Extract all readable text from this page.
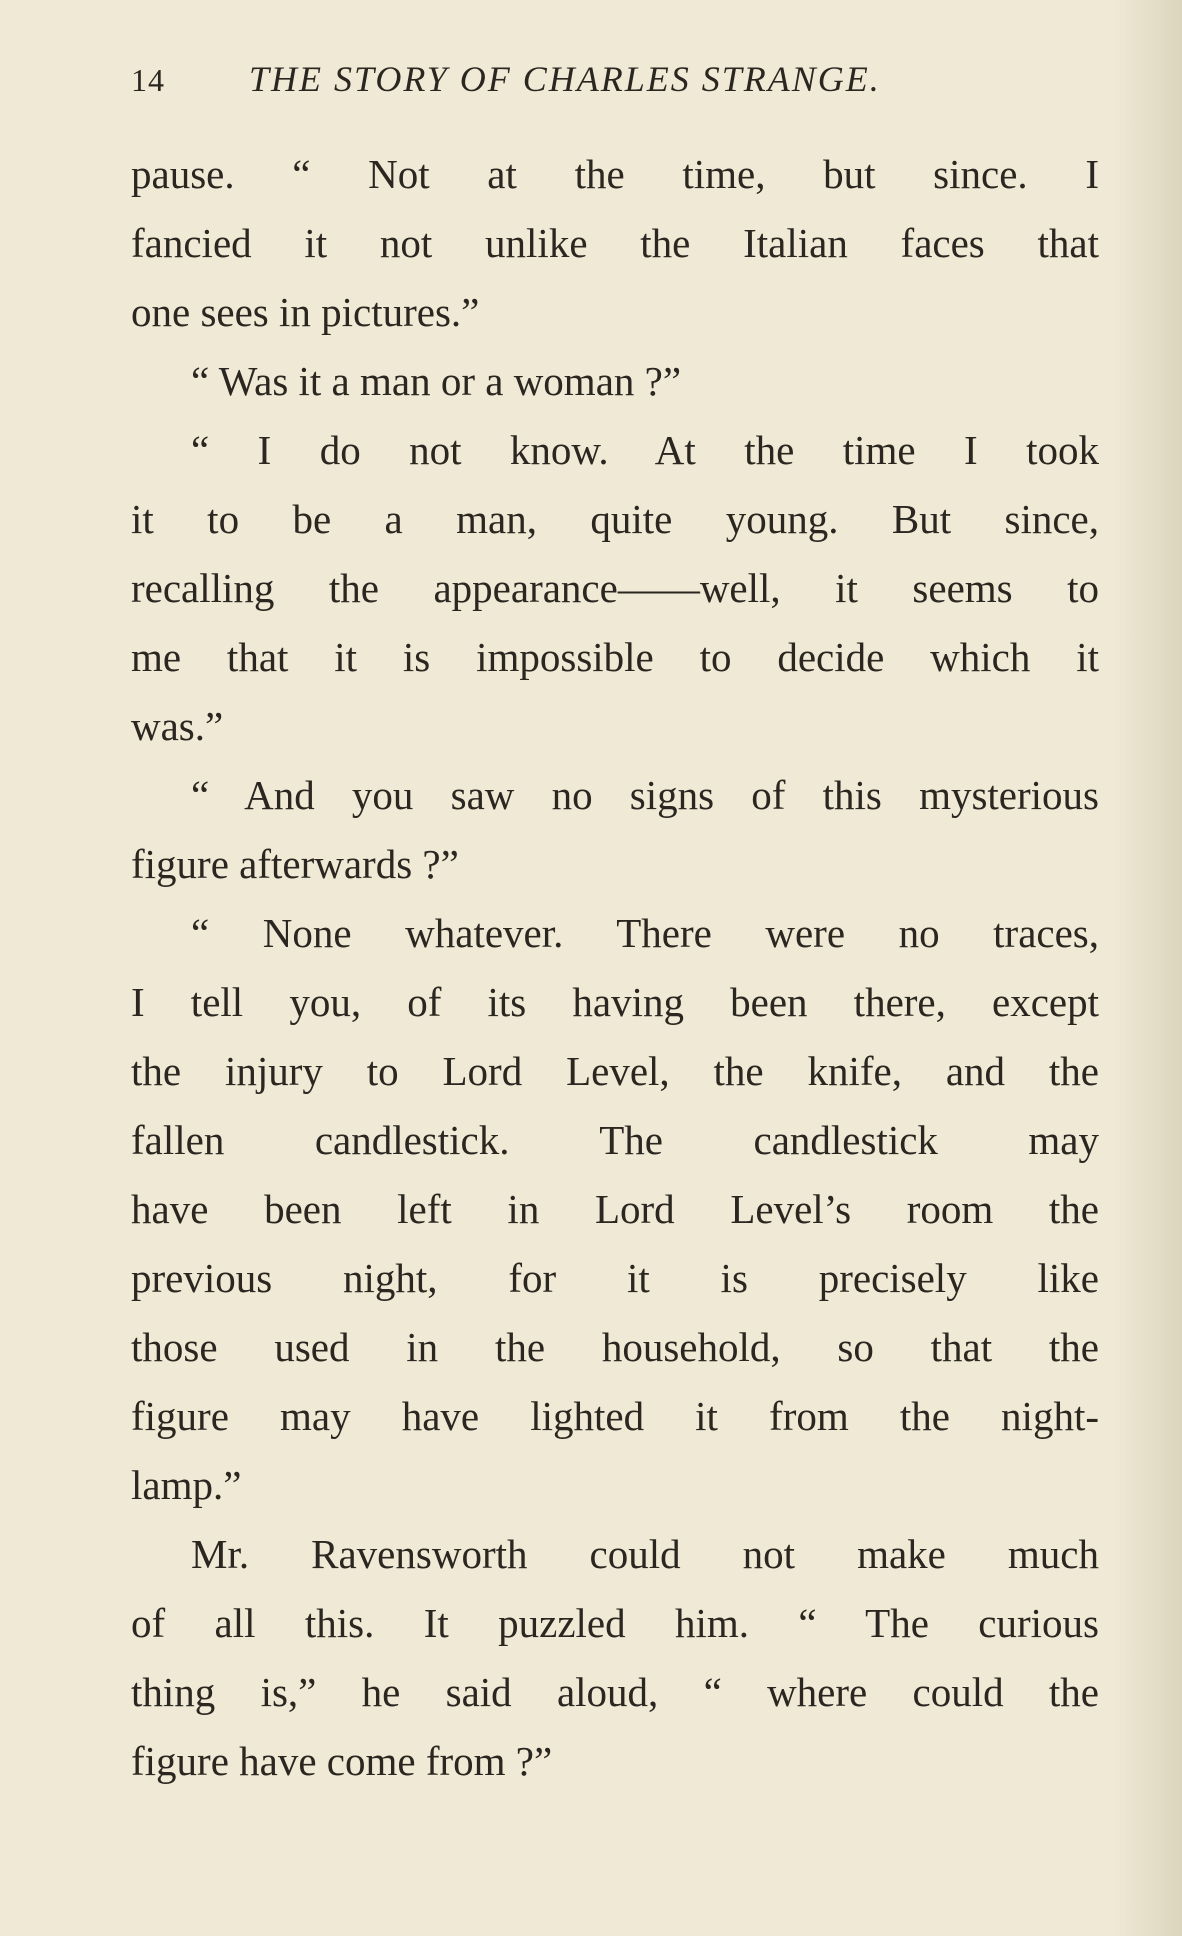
14	THE STORY OF CHARLES STRANGE.
pause. “ Not at the time, but since. I
fancied it not unlike the Italian faces that
one sees in pictures.”
“ Was it a man or a woman ?”
“ I do not know. At the time I took
it to be a man, quite young. But since,
recalling the appearance——well, it seems to
me that it is impossible to decide which it
was.”
“ And you saw no signs of this mysterious
figure afterwards ?”
“ None whatever. There were no traces,
I tell you, of its having been there, except
the injury to Lord Level, the knife, and the
fallen candlestick. The candlestick may
have been left in Lord Level’s room the
previous night, for it is precisely like
those used in the household, so that the
figure may have lighted it from the night-
lamp.”
Mr. Ravensworth could not make much
of all this. It puzzled him. “ The curious
thing is,” he said aloud, “ where could the
figure have come from ?”
